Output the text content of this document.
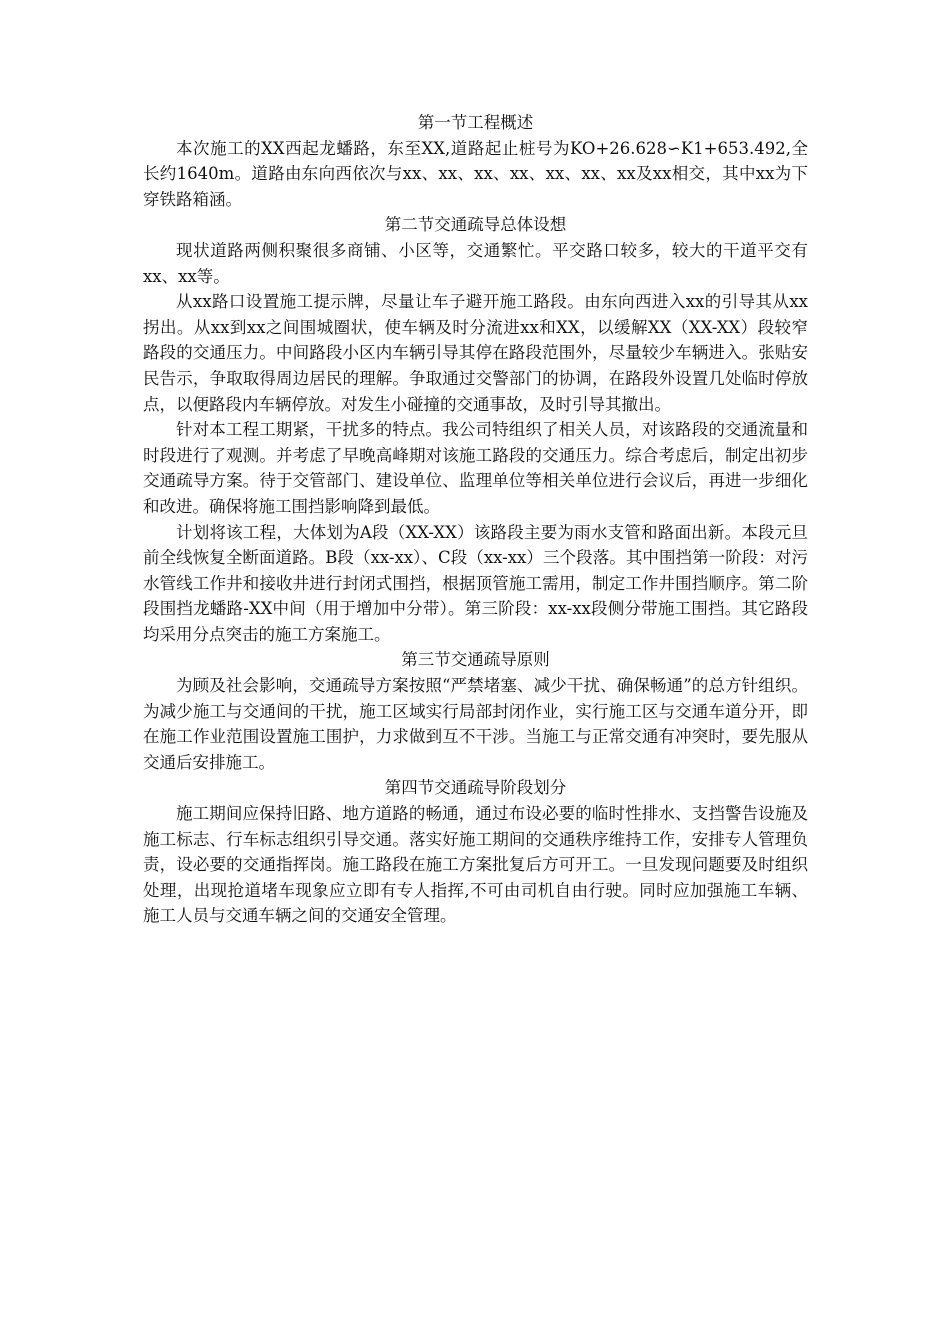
第一节工程概述

本次施工的XX西起龙蟠路，东至XX,道路起止桩号为KO+26.628∽K1+653.492,全长约1640m。道路由东向西依次与xx、xx、xx、xx、xx、xx、xx及xx相交，其中xx为下穿铁路箱涵。

第二节交通疏导总体设想

现状道路两侧积聚很多商铺、小区等，交通繁忙。平交路口较多，较大的干道平交有xx、xx等。

从xx路口设置施工提示牌，尽量让车子避开施工路段。由东向西进入xx的引导其从xx拐出。从xx到xx之间围城圈状，使车辆及时分流进xx和XX，以缓解XX（XX-XX）段较窄路段的交通压力。中间路段小区内车辆引导其停在路段范围外，尽量较少车辆进入。张贴安民告示，争取取得周边居民的理解。争取通过交警部门的协调，在路段外设置几处临时停放点，以便路段内车辆停放。对发生小碰撞的交通事故，及时引导其撤出。

针对本工程工期紧，干扰多的特点。我公司特组织了相关人员，对该路段的交通流量和时段进行了观测。并考虑了早晚高峰期对该施工路段的交通压力。综合考虑后，制定出初步交通疏导方案。待于交管部门、建设单位、监理单位等相关单位进行会议后，再进一步细化和改进。确保将施工围挡影响降到最低。

计划将该工程，大体划为A段（XX-XX）该路段主要为雨水支管和路面出新。本段元旦前全线恢复全断面道路。B段（xx-xx）、C段（xx-xx）三个段落。其中围挡第一阶段：对污水管线工作井和接收井进行封闭式围挡，根据顶管施工需用，制定工作井围挡顺序。第二阶段围挡龙蟠路-XX中间（用于增加中分带）。第三阶段：xx-xx段侧分带施工围挡。其它路段均采用分点突击的施工方案施工。

第三节交通疏导原则

为顾及社会影响，交通疏导方案按照“严禁堵塞、减少干扰、确保畅通”的总方针组织。为减少施工与交通间的干扰，施工区域实行局部封闭作业，实行施工区与交通车道分开，即在施工作业范围设置施工围护，力求做到互不干涉。当施工与正常交通有冲突时，要先服从交通后安排施工。

第四节交通疏导阶段划分

施工期间应保持旧路、地方道路的畅通，通过布设必要的临时性排水、支挡警告设施及施工标志、行车标志组织引导交通。落实好施工期间的交通秩序维持工作，安排专人管理负责，设必要的交通指挥岗。施工路段在施工方案批复后方可开工。一旦发现问题要及时组织处理，出现抢道堵车现象应立即有专人指挥,不可由司机自由行驶。同时应加强施工车辆、施工人员与交通车辆之间的交通安全管理。
